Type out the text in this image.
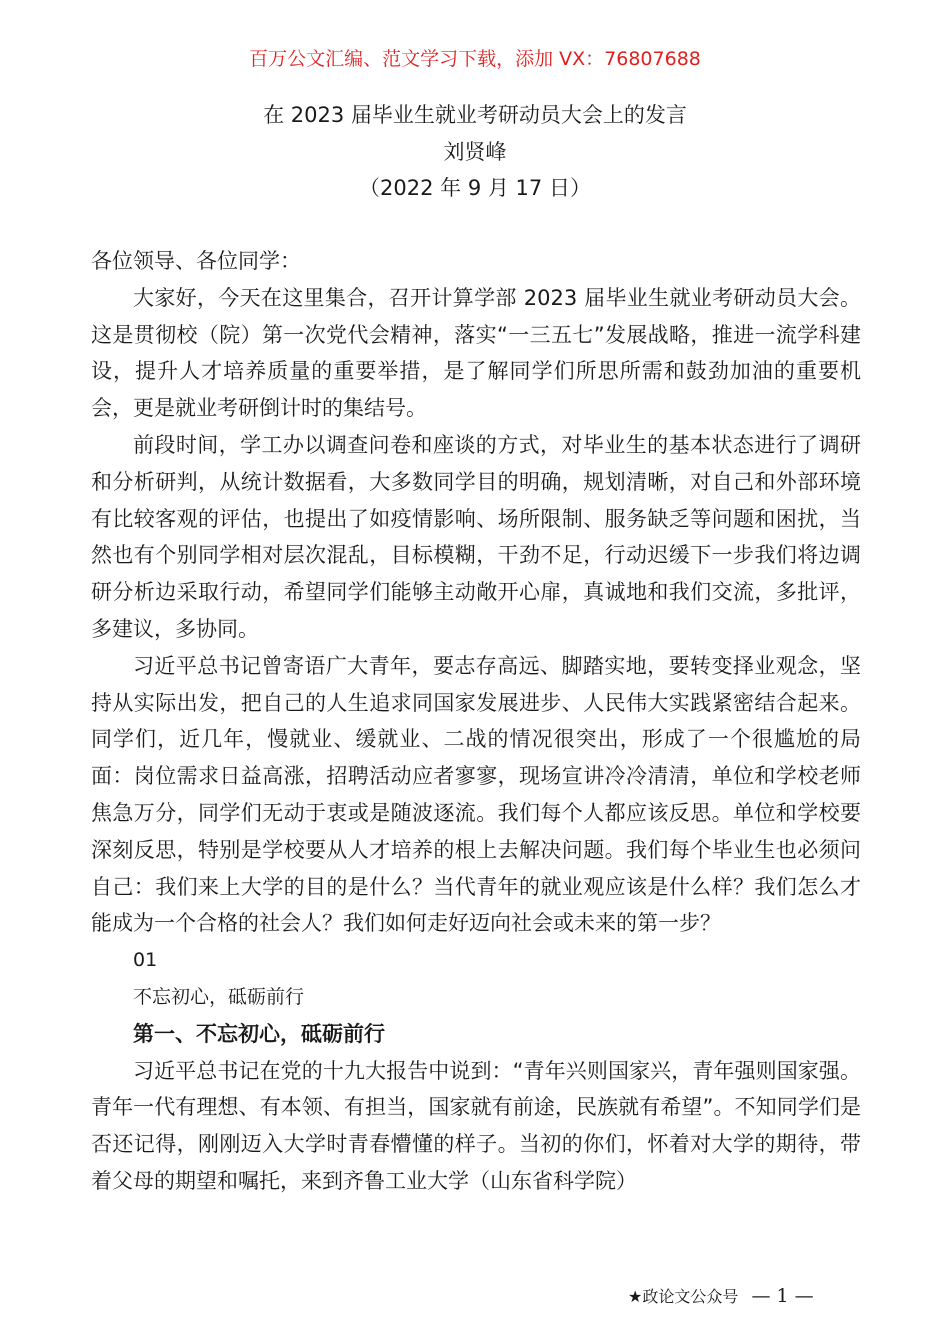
百万公文汇编、范文学习下载，添加 VX：76807688
在 2023 届毕业生就业考研动员大会上的发言
刘贤峰
（2022 年 9 月 17 日）

各位领导、各位同学：

大家好，今天在这里集合，召开计算学部 2023 届毕业生就业考研动员大会。这是贯彻校（院）第一次党代会精神，落实“一三五七”发展战略，推进一流学科建设，提升人才培养质量的重要举措，是了解同学们所思所需和鼓劲加油的重要机会，更是就业考研倒计时的集结号。

前段时间，学工办以调查问卷和座谈的方式，对毕业生的基本状态进行了调研和分析研判，从统计数据看，大多数同学目的明确，规划清晰，对自己和外部环境有比较客观的评估，也提出了如疫情影响、场所限制、服务缺乏等问题和困扰，当然也有个别同学相对层次混乱，目标模糊，干劲不足，行动迟缓下一步我们将边调研分析边采取行动，希望同学们能够主动敞开心扉，真诚地和我们交流，多批评，多建议，多协同。

习近平总书记曾寄语广大青年，要志存高远、脚踏实地，要转变择业观念，坚持从实际出发，把自己的人生追求同国家发展进步、人民伟大实践紧密结合起来。同学们，近几年，慢就业、缓就业、二战的情况很突出，形成了一个很尴尬的局面：岗位需求日益高涨，招聘活动应者寥寥，现场宣讲冷冷清清，单位和学校老师焦急万分，同学们无动于衷或是随波逐流。我们每个人都应该反思。单位和学校要深刻反思，特别是学校要从人才培养的根上去解决问题。我们每个毕业生也必须问自己：我们来上大学的目的是什么？当代青年的就业观应该是什么样？我们怎么才能成为一个合格的社会人？我们如何走好迈向社会或未来的第一步？

01

不忘初心，砥砺前行

第一、不忘初心，砥砺前行

习近平总书记在党的十九大报告中说到：“青年兴则国家兴，青年强则国家强。青年一代有理想、有本领、有担当，国家就有前途，民族就有希望”。不知同学们是否还记得，刚刚迈入大学时青春懵懂的样子。当初的你们，怀着对大学的期待，带着父母的期望和嘱托，来到齐鲁工业大学（山东省科学院）

★政论文公众号 — 1 —
